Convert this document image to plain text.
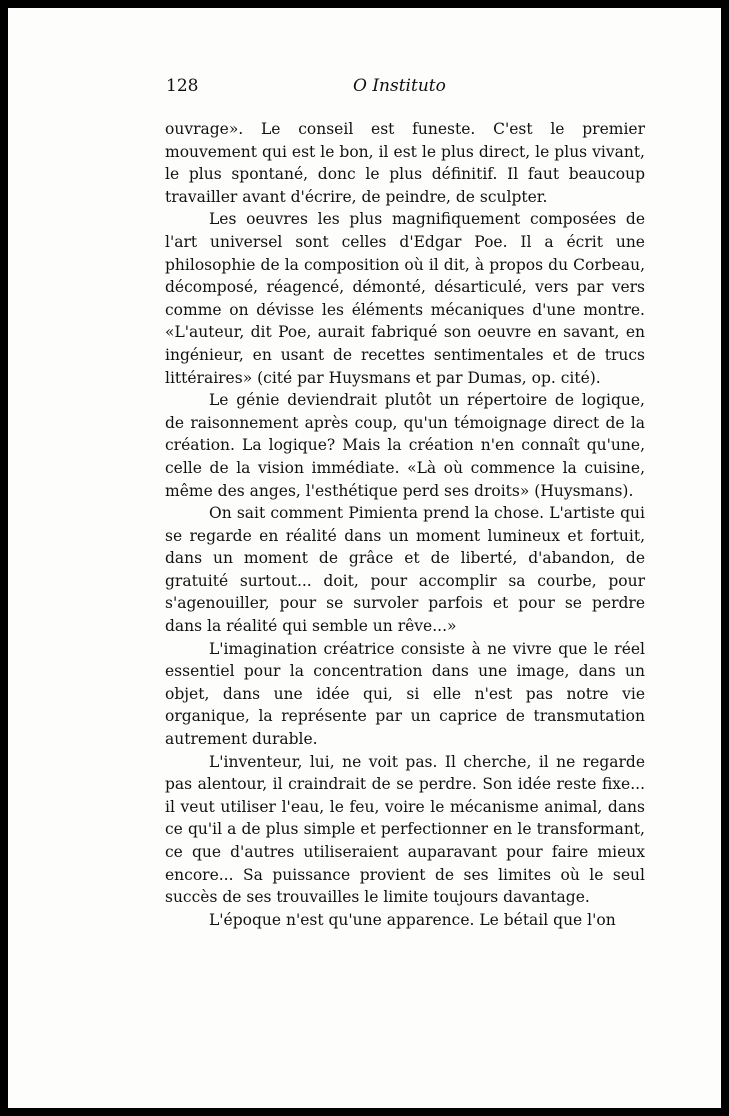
128	O Instituto

ouvrage». Le conseil est funeste. C'est le premier mouvement qui est le bon, il est le plus direct, le plus vivant, le plus spontané, donc le plus définitif. Il faut beaucoup travailler avant d'écrire, de peindre, de sculpter.

Les oeuvres les plus magnifiquement composées de l'art universel sont celles d'Edgar Poe. Il a écrit une philosophie de la composition où il dit, à propos du Corbeau, décomposé, réagencé, démonté, désarticulé, vers par vers comme on dévisse les éléments mécaniques d'une montre. «L'auteur, dit Poe, aurait fabriqué son oeuvre en savant, en ingénieur, en usant de recettes sentimentales et de trucs littéraires» (cité par Huysmans et par Dumas, op. cité).

Le génie deviendrait plutôt un répertoire de logique, de raisonnement après coup, qu'un témoignage direct de la création. La logique? Mais la création n'en connaît qu'une, celle de la vision immédiate. «Là où commence la cuisine, même des anges, l'esthétique perd ses droits» (Huysmans).

On sait comment Pimienta prend la chose. L'artiste qui se regarde en réalité dans un moment lumineux et fortuit, dans un moment de grâce et de liberté, d'abandon, de gratuité surtout... doit, pour accomplir sa courbe, pour s'agenouiller, pour se survoler parfois et pour se perdre dans la réalité qui semble un rêve...»

L'imagination créatrice consiste à ne vivre que le réel essentiel pour la concentration dans une image, dans un objet, dans une idée qui, si elle n'est pas notre vie organique, la représente par un caprice de transmutation autrement durable.

L'inventeur, lui, ne voit pas. Il cherche, il ne regarde pas alentour, il craindrait de se perdre. Son idée reste fixe... il veut utiliser l'eau, le feu, voire le mécanisme animal, dans ce qu'il a de plus simple et perfectionner en le transformant, ce que d'autres utiliseraient auparavant pour faire mieux encore... Sa puissance provient de ses limites où le seul succès de ses trouvailles le limite toujours davantage.

L'époque n'est qu'une apparence. Le bétail que l'on
